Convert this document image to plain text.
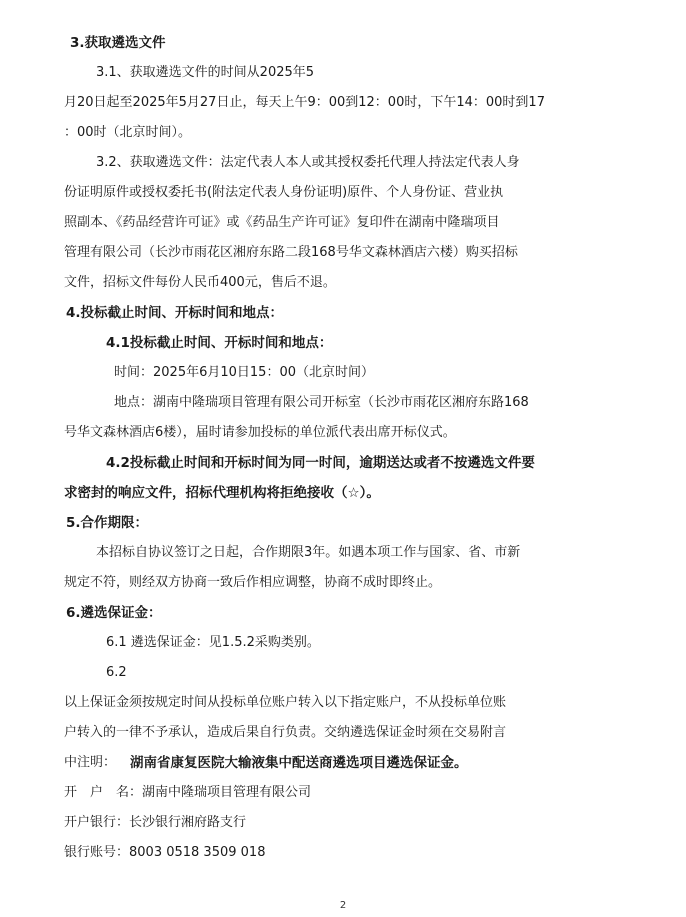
3.获取遴选文件

3.1、获取遴选文件的时间从2025年5

月20日起至2025年5月27日止，每天上午9：00到12：00时，下午14：00时到17

：00时（北京时间）。

3.2、获取遴选文件：法定代表人本人或其授权委托代理人持法定代表人身

份证明原件或授权委托书(附法定代表人身份证明)原件、个人身份证、营业执

照副本、《药品经营许可证》或《药品生产许可证》复印件在湖南中隆瑞项目

管理有限公司（长沙市雨花区湘府东路二段168号华文森林酒店六楼）购买招标

文件，招标文件每份人民币400元，售后不退。

4.投标截止时间、开标时间和地点：

4.1投标截止时间、开标时间和地点：

时间：2025年6月10日15：00（北京时间）

地点：湖南中隆瑞项目管理有限公司开标室（长沙市雨花区湘府东路168

号华文森林酒店6楼），届时请参加投标的单位派代表出席开标仪式。

4.2投标截止时间和开标时间为同一时间，逾期送达或者不按遴选文件要

求密封的响应文件，招标代理机构将拒绝接收（☆）。

5.合作期限：

本招标自协议签订之日起，合作期限3年。如遇本项工作与国家、省、市新

规定不符，则经双方协商一致后作相应调整，协商不成时即终止。

6.遴选保证金：

6.1 遴选保证金：见1.5.2采购类别。

6.2

以上保证金须按规定时间从投标单位账户转入以下指定账户，不从投标单位账

户转入的一律不予承认，造成后果自行负责。交纳遴选保证金时须在交易附言

中注明： 湖南省康复医院大输液集中配送商遴选项目遴选保证金。

开　户　名：湖南中隆瑞项目管理有限公司

开户银行：长沙银行湘府路支行

银行账号：8003 0518 3509 018

2
